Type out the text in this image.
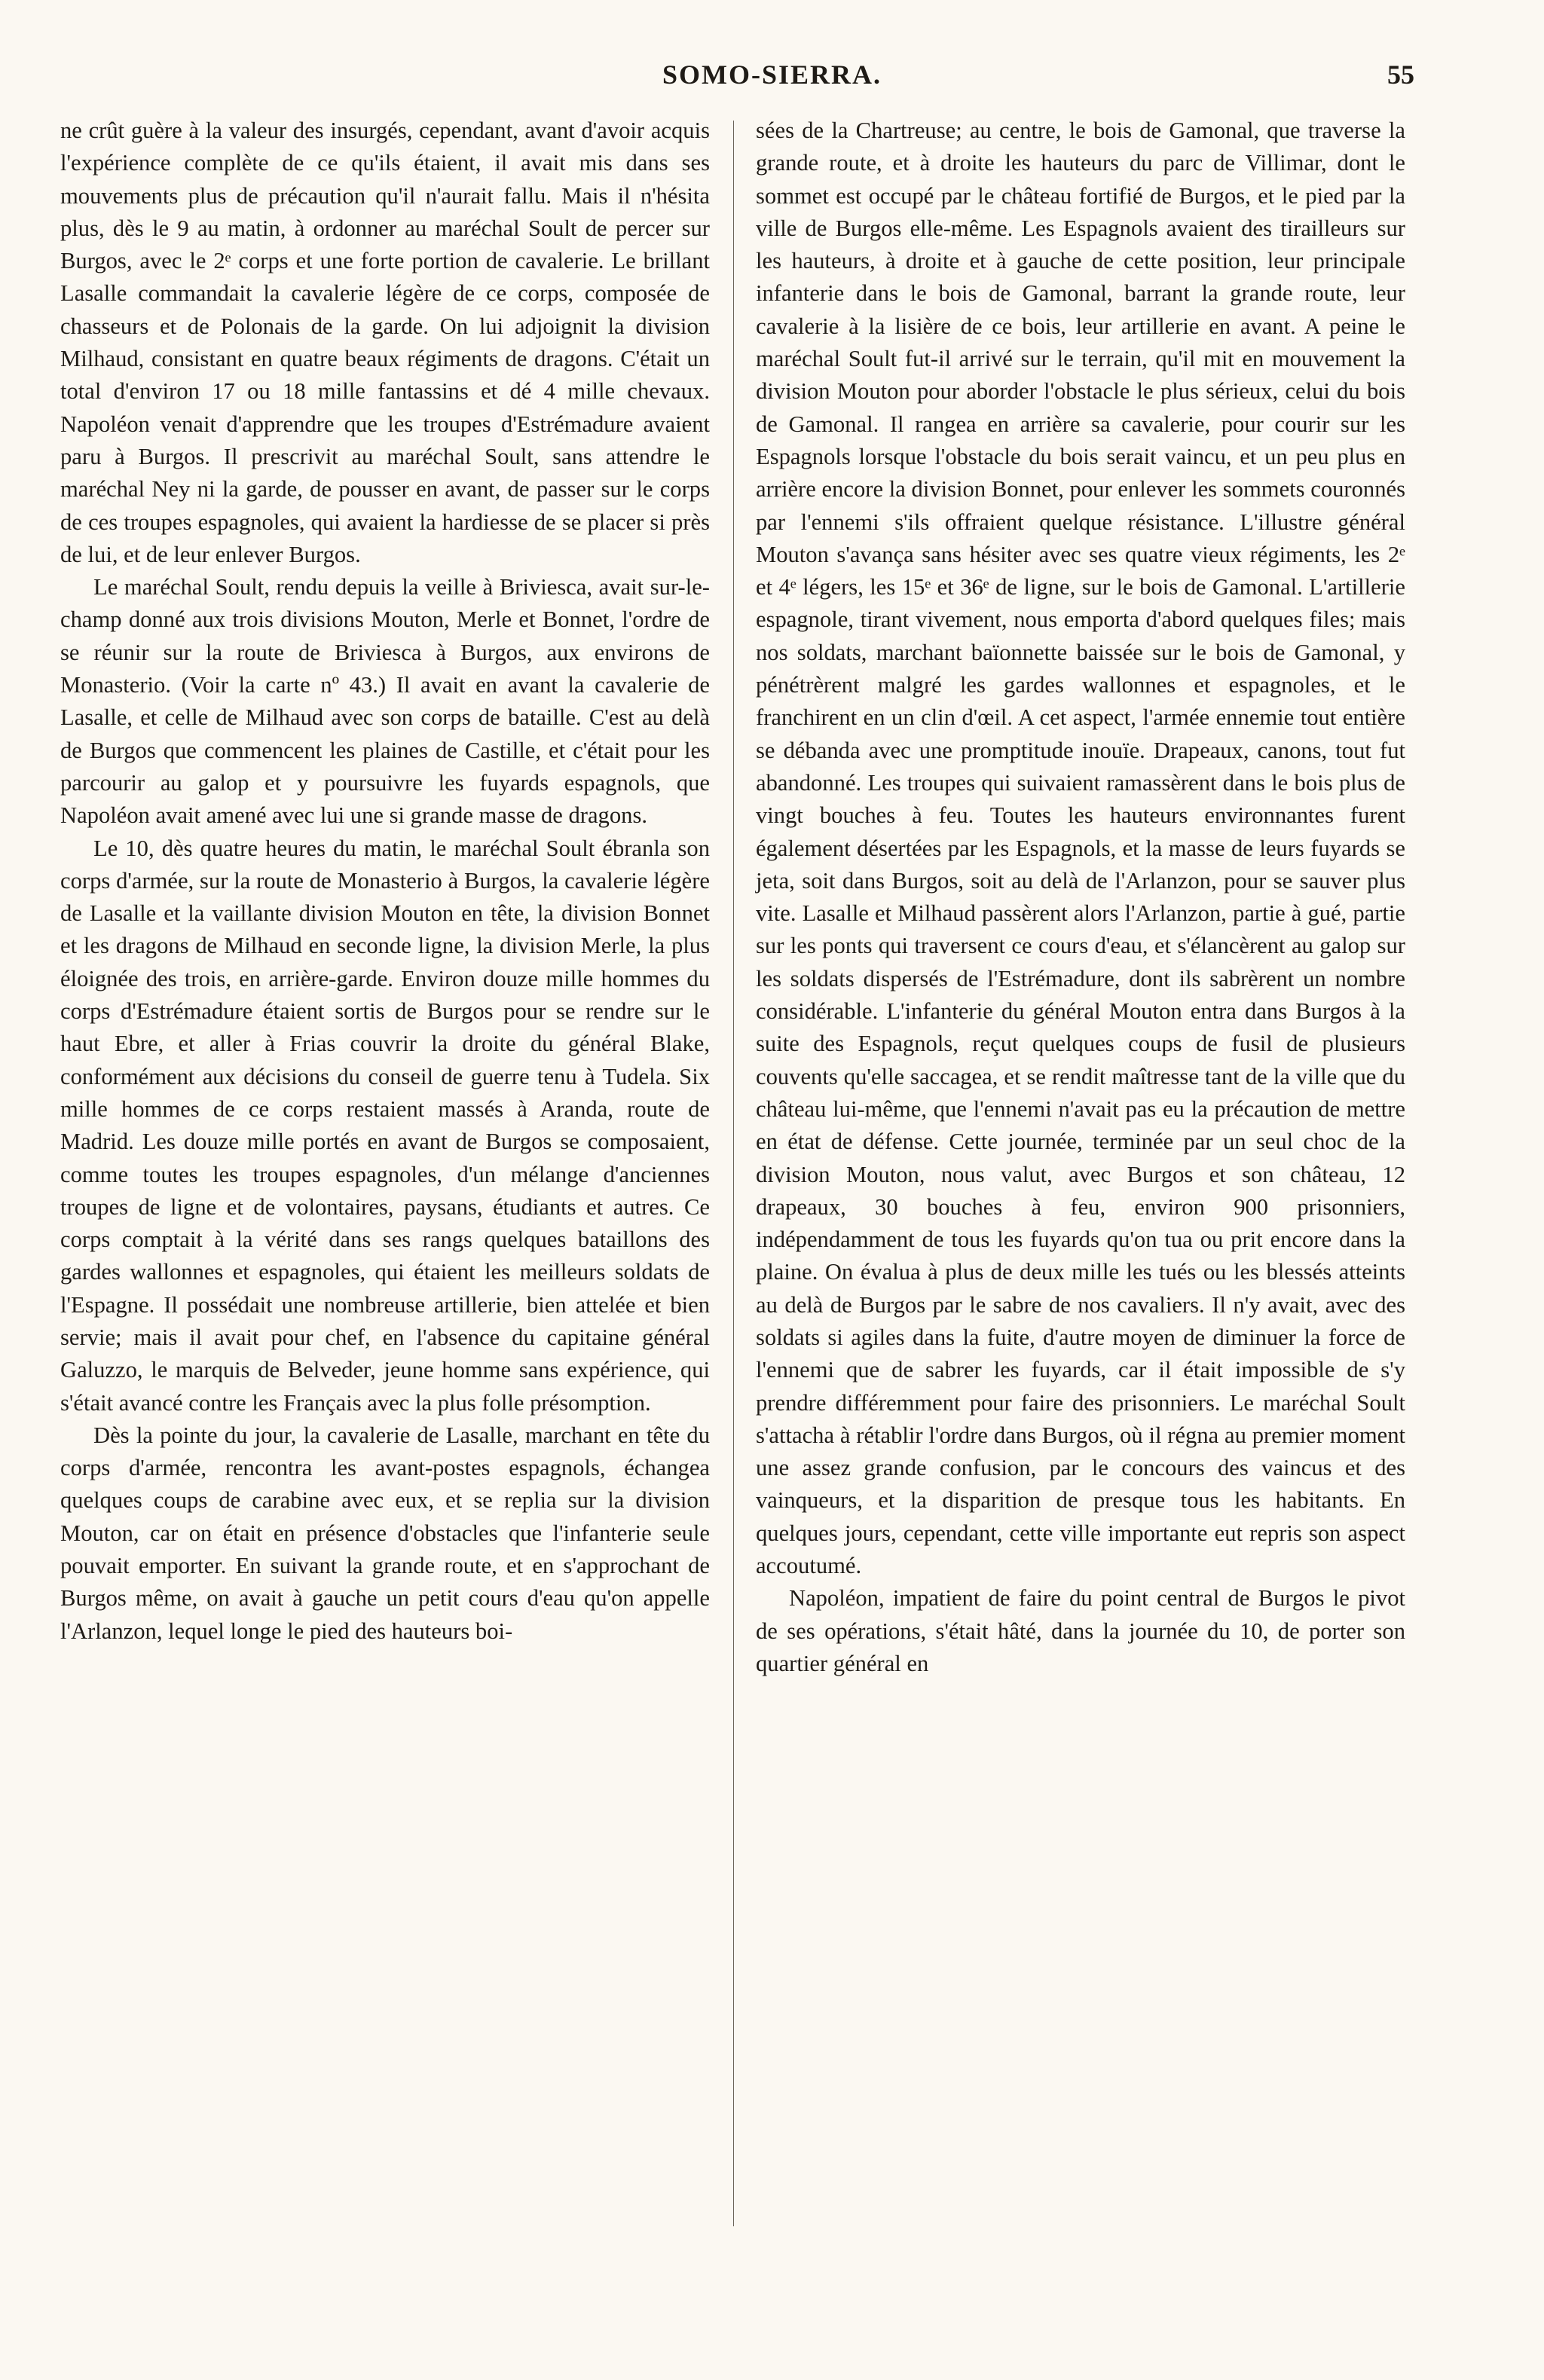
SOMO-SIERRA.	55

ne crût guère à la valeur des insurgés, cependant, avant d'avoir acquis l'expérience complète de ce qu'ils étaient, il avait mis dans ses mouvements plus de précaution qu'il n'aurait fallu. Mais il n'hésita plus, dès le 9 au matin, à ordonner au maréchal Soult de percer sur Burgos, avec le 2ᵉ corps et une forte portion de cavalerie. Le brillant Lasalle commandait la cavalerie légère de ce corps, composée de chasseurs et de Polonais de la garde. On lui adjoignit la division Milhaud, consistant en quatre beaux régiments de dragons. C'était un total d'environ 17 ou 18 mille fantassins et dé 4 mille chevaux. Napoléon venait d'apprendre que les troupes d'Estrémadure avaient paru à Burgos. Il prescrivit au maréchal Soult, sans attendre le maréchal Ney ni la garde, de pousser en avant, de passer sur le corps de ces troupes espagnoles, qui avaient la hardiesse de se placer si près de lui, et de leur enlever Burgos.

Le maréchal Soult, rendu depuis la veille à Briviesca, avait sur-le-champ donné aux trois divisions Mouton, Merle et Bonnet, l'ordre de se réunir sur la route de Briviesca à Burgos, aux environs de Monasterio. (Voir la carte nº 43.) Il avait en avant la cavalerie de Lasalle, et celle de Milhaud avec son corps de bataille. C'est au delà de Burgos que commencent les plaines de Castille, et c'était pour les parcourir au galop et y poursuivre les fuyards espagnols, que Napoléon avait amené avec lui une si grande masse de dragons.

Le 10, dès quatre heures du matin, le maréchal Soult ébranla son corps d'armée, sur la route de Monasterio à Burgos, la cavalerie légère de Lasalle et la vaillante division Mouton en tête, la division Bonnet et les dragons de Milhaud en seconde ligne, la division Merle, la plus éloignée des trois, en arrière-garde. Environ douze mille hommes du corps d'Estrémadure étaient sortis de Burgos pour se rendre sur le haut Ebre, et aller à Frias couvrir la droite du général Blake, conformément aux décisions du conseil de guerre tenu à Tudela. Six mille hommes de ce corps restaient massés à Aranda, route de Madrid. Les douze mille portés en avant de Burgos se composaient, comme toutes les troupes espagnoles, d'un mélange d'anciennes troupes de ligne et de volontaires, paysans, étudiants et autres. Ce corps comptait à la vérité dans ses rangs quelques bataillons des gardes wallonnes et espagnoles, qui étaient les meilleurs soldats de l'Espagne. Il possédait une nombreuse artillerie, bien attelée et bien servie; mais il avait pour chef, en l'absence du capitaine général Galuzzo, le marquis de Belveder, jeune homme sans expérience, qui s'était avancé contre les Français avec la plus folle présomption.

Dès la pointe du jour, la cavalerie de Lasalle, marchant en tête du corps d'armée, rencontra les avant-postes espagnols, échangea quelques coups de carabine avec eux, et se replia sur la division Mouton, car on était en présence d'obstacles que l'infanterie seule pouvait emporter. En suivant la grande route, et en s'approchant de Burgos même, on avait à gauche un petit cours d'eau qu'on appelle l'Arlanzon, lequel longe le pied des hauteurs boi-

sées de la Chartreuse; au centre, le bois de Gamonal, que traverse la grande route, et à droite les hauteurs du parc de Villimar, dont le sommet est occupé par le château fortifié de Burgos, et le pied par la ville de Burgos elle-même. Les Espagnols avaient des tirailleurs sur les hauteurs, à droite et à gauche de cette position, leur principale infanterie dans le bois de Gamonal, barrant la grande route, leur cavalerie à la lisière de ce bois, leur artillerie en avant. A peine le maréchal Soult fut-il arrivé sur le terrain, qu'il mit en mouvement la division Mouton pour aborder l'obstacle le plus sérieux, celui du bois de Gamonal. Il rangea en arrière sa cavalerie, pour courir sur les Espagnols lorsque l'obstacle du bois serait vaincu, et un peu plus en arrière encore la division Bonnet, pour enlever les sommets couronnés par l'ennemi s'ils offraient quelque résistance. L'illustre général Mouton s'avança sans hésiter avec ses quatre vieux régiments, les 2ᵉ et 4ᵉ légers, les 15ᵉ et 36ᵉ de ligne, sur le bois de Gamonal. L'artillerie espagnole, tirant vivement, nous emporta d'abord quelques files; mais nos soldats, marchant baïonnette baissée sur le bois de Gamonal, y pénétrèrent malgré les gardes wallonnes et espagnoles, et le franchirent en un clin d'œil. A cet aspect, l'armée ennemie tout entière se débanda avec une promptitude inouïe. Drapeaux, canons, tout fut abandonné. Les troupes qui suivaient ramassèrent dans le bois plus de vingt bouches à feu. Toutes les hauteurs environnantes furent également désertées par les Espagnols, et la masse de leurs fuyards se jeta, soit dans Burgos, soit au delà de l'Arlanzon, pour se sauver plus vite. Lasalle et Milhaud passèrent alors l'Arlanzon, partie à gué, partie sur les ponts qui traversent ce cours d'eau, et s'élancèrent au galop sur les soldats dispersés de l'Estrémadure, dont ils sabrèrent un nombre considérable. L'infanterie du général Mouton entra dans Burgos à la suite des Espagnols, reçut quelques coups de fusil de plusieurs couvents qu'elle saccagea, et se rendit maîtresse tant de la ville que du château lui-même, que l'ennemi n'avait pas eu la précaution de mettre en état de défense. Cette journée, terminée par un seul choc de la division Mouton, nous valut, avec Burgos et son château, 12 drapeaux, 30 bouches à feu, environ 900 prisonniers, indépendamment de tous les fuyards qu'on tua ou prit encore dans la plaine. On évalua à plus de deux mille les tués ou les blessés atteints au delà de Burgos par le sabre de nos cavaliers. Il n'y avait, avec des soldats si agiles dans la fuite, d'autre moyen de diminuer la force de l'ennemi que de sabrer les fuyards, car il était impossible de s'y prendre différemment pour faire des prisonniers. Le maréchal Soult s'attacha à rétablir l'ordre dans Burgos, où il régna au premier moment une assez grande confusion, par le concours des vaincus et des vainqueurs, et la disparition de presque tous les habitants. En quelques jours, cependant, cette ville importante eut repris son aspect accoutumé.

Napoléon, impatient de faire du point central de Burgos le pivot de ses opérations, s'était hâté, dans la journée du 10, de porter son quartier général en
